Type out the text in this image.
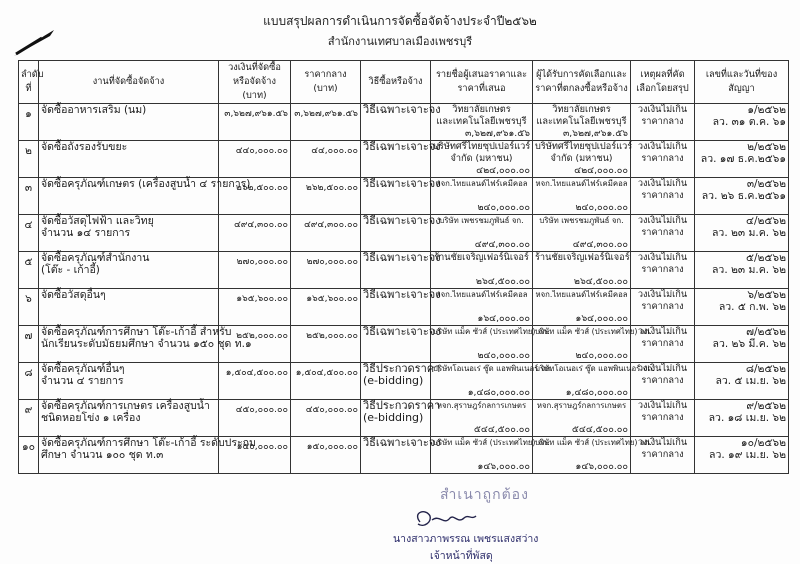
แบบสรุปผลการดำเนินการจัดซื้อจัดจ้างประจำปี๒๕๖๒
สำนักงานเทศบาลเมืองเพชรบุรี
ลำดับที่	งานที่จัดซื้อจัดจ้าง	วงเงินที่จัดซื้อหรือจัดจ้าง (บาท)	ราคากลาง (บาท)	วิธีซื้อหรือจ้าง	รายชื่อผู้เสนอราคาและราคาที่เสนอ	ผู้ได้รับการคัดเลือกและราคาที่ตกลงซื้อหรือจ้าง	เหตุผลที่คัดเลือกโดยสรุป	เลขที่และวันที่ของสัญญา

๑	จัดซื้ออาหารเสริม (นม)	๓,๖๒๗,๙๖๑.๕๖	๓,๖๒๗,๙๖๑.๕๖	วิธีเฉพาะเจาะจง	วิทยาลัยเกษตร
และเทคโนโลยีเพชรบุรี
๓,๖๒๗,๙๖๑.๕๖	วิทยาลัยเกษตร
และเทคโนโลยีเพชรบุรี
๓,๖๒๗,๙๖๑.๕๖	วงเงินไม่เกิน
ราคากลาง	๑/๒๕๖๒
ลว. ๓๑ ต.ค. ๖๑

๒	จัดซื้อถังรองรับขยะ	๔๔๐,๐๐๐.๐๐	๔๔,๐๐๐.๐๐	วิธีเฉพาะเจาะจง	บริษัทศรีไทยซุปเปอร์แวร์
จำกัด (มหาชน)
๔๒๔,๐๐๐.๐๐	บริษัทศรีไทยซุปเปอร์แวร์
จำกัด (มหาชน)
๔๒๔,๐๐๐.๐๐	วงเงินไม่เกิน
ราคากลาง	๒/๒๕๖๒
ลว. ๑๗ ธ.ค.๒๕๖๑

๓	จัดซื้อครุภัณฑ์เกษตร (เครื่องสูบน้ำ ๔ รายการ)	๒๖๒,๕๐๐.๐๐	๒๖๒,๕๐๐.๐๐	วิธีเฉพาะเจาะจง	หจก.ไทยแลนด์ไฟร์เคมีคอล
๒๔๐,๐๐๐.๐๐	หจก.ไทยแลนด์ไฟร์เคมีคอล
๒๔๐,๐๐๐.๐๐	วงเงินไม่เกิน
ราคากลาง	๓/๒๕๖๒
ลว. ๒๖ ธ.ค.๒๕๖๑

๔	จัดซื้อวัสดุไฟฟ้า และวิทยุ
จำนวน ๑๔ รายการ	๔๙๔,๓๐๐.๐๐	๔๙๔,๓๐๐.๐๐	วิธีเฉพาะเจาะจง	บริษัท เพชรชมภูพันธ์ จก.
๔๙๔,๓๐๐.๐๐	บริษัท เพชรชมภูพันธ์ จก.
๔๙๔,๓๐๐.๐๐	วงเงินไม่เกิน
ราคากลาง	๔/๒๕๖๒
ลว. ๒๓ ม.ค. ๖๒

๕	จัดซื้อครุภัณฑ์สำนักงาน
(โต๊ะ - เก้าอี้)	๒๗๐,๐๐๐.๐๐	๒๗๐,๐๐๐.๐๐	วิธีเฉพาะเจาะจง	ร้านชัยเจริญเฟอร์นิเจอร์
๒๖๔,๕๐๐.๐๐	ร้านชัยเจริญเฟอร์นิเจอร์
๒๖๔,๕๐๐.๐๐	วงเงินไม่เกิน
ราคากลาง	๕/๒๕๖๒
ลว. ๒๓ ม.ค. ๖๒

๖	จัดซื้อวัสดุอื่นๆ	๑๖๕,๖๐๐.๐๐	๑๖๕,๖๐๐.๐๐	วิธีเฉพาะเจาะจง	หจก.ไทยแลนด์ไฟร์เคมีคอล
๑๖๔,๐๐๐.๐๐	หจก.ไทยแลนด์ไฟร์เคมีคอล
๑๖๔,๐๐๐.๐๐	วงเงินไม่เกิน
ราคากลาง	๖/๒๕๖๒
ลว. ๕ ก.พ. ๖๒

๗	จัดซื้อครุภัณฑ์การศึกษา โต๊ะ-เก้าอี้ สำหรับ
นักเรียนระดับมัธยมศึกษา จำนวน ๑๕๐ ชุด ท.๑	๒๕๒,๐๐๐.๐๐	๒๕๒,๐๐๐.๐๐	วิธีเฉพาะเจาะจง	บริษัท แม็ค ซัวส์ (ประเทศไทย) จก.
๒๔๐,๐๐๐.๐๐	บริษัท แม็ค ซัวส์ (ประเทศไทย) จก.
๒๔๐,๐๐๐.๐๐	วงเงินไม่เกิน
ราคากลาง	๗/๒๕๖๒
ลว. ๒๖ มี.ค. ๖๒

๘	จัดซื้อครุภัณฑ์อื่นๆ
จำนวน ๔ รายการ	๑,๕๐๔,๕๐๐.๐๐	๑,๕๐๔,๕๐๐.๐๐	วิธีประกวดราคา
(e-bidding)	บริษัทโอเนอเร่ ซู๊ด แอพพินเนอร์ จก.
๑,๔๘๐,๐๐๐.๐๐	บริษัทโอเนอเร่ ซู๊ด แอพพินเนอร์ จก.
๑,๔๘๐,๐๐๐.๐๐	วงเงินไม่เกิน
ราคากลาง	๘/๒๕๖๒
ลว. ๕ เม.ย. ๖๒

๙	จัดซื้อครุภัณฑ์การเกษตร เครื่องสูบน้ำ
ชนิดหอยโข่ง ๑ เครื่อง	๔๕๐,๐๐๐.๐๐	๔๕๐,๐๐๐.๐๐	วิธีประกวดราคา
(e-bidding)	หจก.สุราษฎร์กลการเกษตร
๕๔๔,๕๐๐.๐๐	หจก.สุราษฎร์กลการเกษตร
๕๔๔,๕๐๐.๐๐	วงเงินไม่เกิน
ราคากลาง	๙/๒๕๖๒
ลว. ๑๘ เม.ย. ๖๒

๑๐	จัดซื้อครุภัณฑ์การศึกษา โต๊ะ-เก้าอี้ ระดับประถม
ศึกษา จำนวน ๑๐๐ ชุด ท.๓	๑๕๐,๐๐๐.๐๐	๑๕๐,๐๐๐.๐๐	วิธีเฉพาะเจาะจง	บริษัท แม็ค ซัวส์ (ประเทศไทย) จก.
๑๔๖,๐๐๐.๐๐	บริษัท แม็ค ซัวส์ (ประเทศไทย) จก.
๑๔๖,๐๐๐.๐๐	วงเงินไม่เกิน
ราคากลาง	๑๐/๒๕๖๒
ลว. ๑๙ เม.ย. ๖๒
สำเนาถูกต้อง
นางสาวภาพรรณ เพชรแสงสว่าง
เจ้าหน้าที่พัสดุ
